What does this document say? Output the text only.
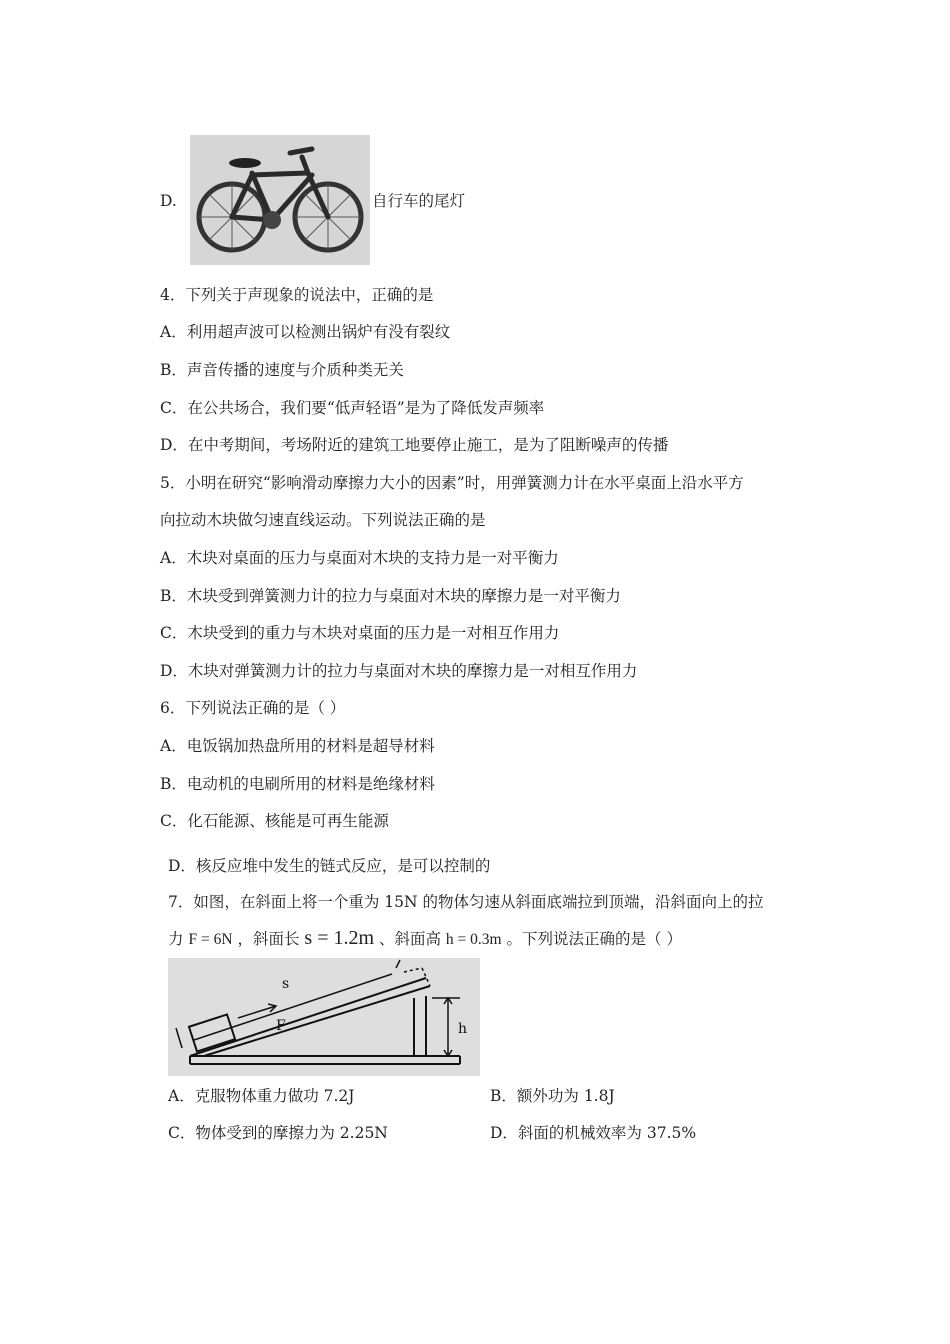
D.	自行车的尾灯
4．下列关于声现象的说法中，正确的是
A．利用超声波可以检测出锅炉有没有裂纹
B．声音传播的速度与介质种类无关
C．在公共场合，我们要“低声轻语”是为了降低发声频率
D．在中考期间，考场附近的建筑工地要停止施工，是为了阻断噪声的传播
5．小明在研究“影响滑动摩擦力大小的因素”时，用弹簧测力计在水平桌面上沿水平方
向拉动木块做匀速直线运动。下列说法正确的是
A．木块对桌面的压力与桌面对木块的支持力是一对平衡力
B．木块受到弹簧测力计的拉力与桌面对木块的摩擦力是一对平衡力
C．木块受到的重力与木块对桌面的压力是一对相互作用力
D．木块对弹簧测力计的拉力与桌面对木块的摩擦力是一对相互作用力
6．下列说法正确的是（ ）
A．电饭锅加热盘所用的材料是超导材料
B．电动机的电刷所用的材料是绝缘材料
C．化石能源、核能是可再生能源
D．核反应堆中发生的链式反应，是可以控制的
7．如图，在斜面上将一个重为 15N 的物体匀速从斜面底端拉到顶端，沿斜面向上的拉
力 F = 6N ，斜面长 s = 1.2m 、斜面高 h = 0.3m 。下列说法正确的是（ ）
s
F	h
A．克服物体重力做功 7.2J	B．额外功为 1.8J
C．物体受到的摩擦力为 2.25N	D．斜面的机械效率为 37.5%
